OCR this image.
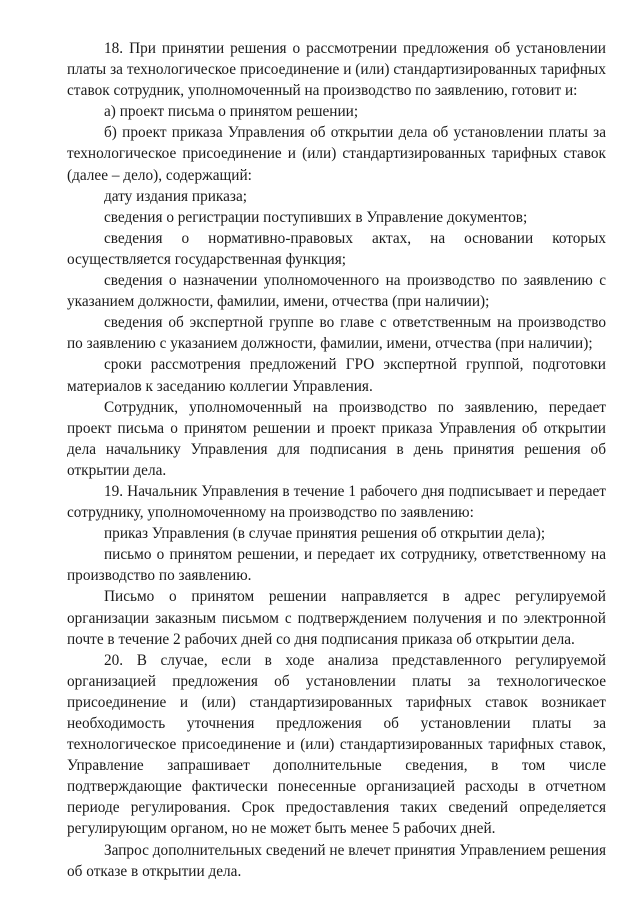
18. При принятии решения о рассмотрении предложения об установлении платы за технологическое присоединение и (или) стандартизированных тарифных ставок сотрудник, уполномоченный на производство по заявлению, готовит и:

а) проект письма о принятом решении;

б) проект приказа Управления об открытии дела об установлении платы за технологическое присоединение и (или) стандартизированных тарифных ставок (далее – дело), содержащий:

дату издания приказа;

сведения о регистрации поступивших в Управление документов;

сведения о нормативно-правовых актах, на основании которых осуществляется государственная функция;

сведения о назначении уполномоченного на производство по заявлению с указанием должности, фамилии, имени, отчества (при наличии);

сведения об экспертной группе во главе с ответственным на производство по заявлению с указанием должности, фамилии, имени, отчества (при наличии);

сроки рассмотрения предложений ГРО экспертной группой, подготовки материалов к заседанию коллегии Управления.

Сотрудник, уполномоченный на производство по заявлению, передает проект письма о принятом решении и проект приказа Управления об открытии дела начальнику Управления для подписания в день принятия решения об открытии дела.

19. Начальник Управления в течение 1 рабочего дня подписывает и передает сотруднику, уполномоченному на производство по заявлению:

приказ Управления (в случае принятия решения об открытии дела);

письмо о принятом решении, и передает их сотруднику, ответственному на производство по заявлению.

Письмо о принятом решении направляется в адрес регулируемой организации заказным письмом с подтверждением получения и по электронной почте в течение 2 рабочих дней со дня подписания приказа об открытии дела.

20. В случае, если в ходе анализа представленного регулируемой организацией предложения об установлении платы за технологическое присоединение и (или) стандартизированных тарифных ставок возникает необходимость уточнения предложения об установлении платы за технологическое присоединение и (или) стандартизированных тарифных ставок, Управление запрашивает дополнительные сведения, в том числе подтверждающие фактически понесенные организацией расходы в отчетном периоде регулирования. Срок предоставления таких сведений определяется регулирующим органом, но не может быть менее 5 рабочих дней.

Запрос дополнительных сведений не влечет принятия Управлением решения об отказе в открытии дела.
